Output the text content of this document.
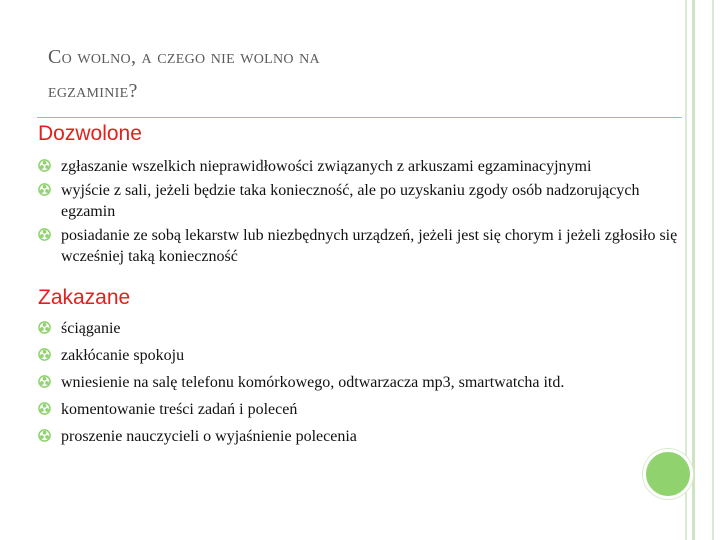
Co wolno, a czego nie wolno na
egzaminie?
Dozwolone
zgłaszanie wszelkich nieprawidłowości związanych z arkuszami egzaminacyjnymi
wyjście z sali, jeżeli będzie taka konieczność, ale po uzyskaniu zgody osób nadzorujących egzamin
posiadanie ze sobą lekarstw lub niezbędnych urządzeń, jeżeli jest się chorym i jeżeli zgłosiło się wcześniej taką konieczność
Zakazane
ściąganie
zakłócanie spokoju
wniesienie na salę telefonu komórkowego, odtwarzacza mp3, smartwatcha itd.
komentowanie treści zadań i poleceń
proszenie nauczycieli o wyjaśnienie polecenia
